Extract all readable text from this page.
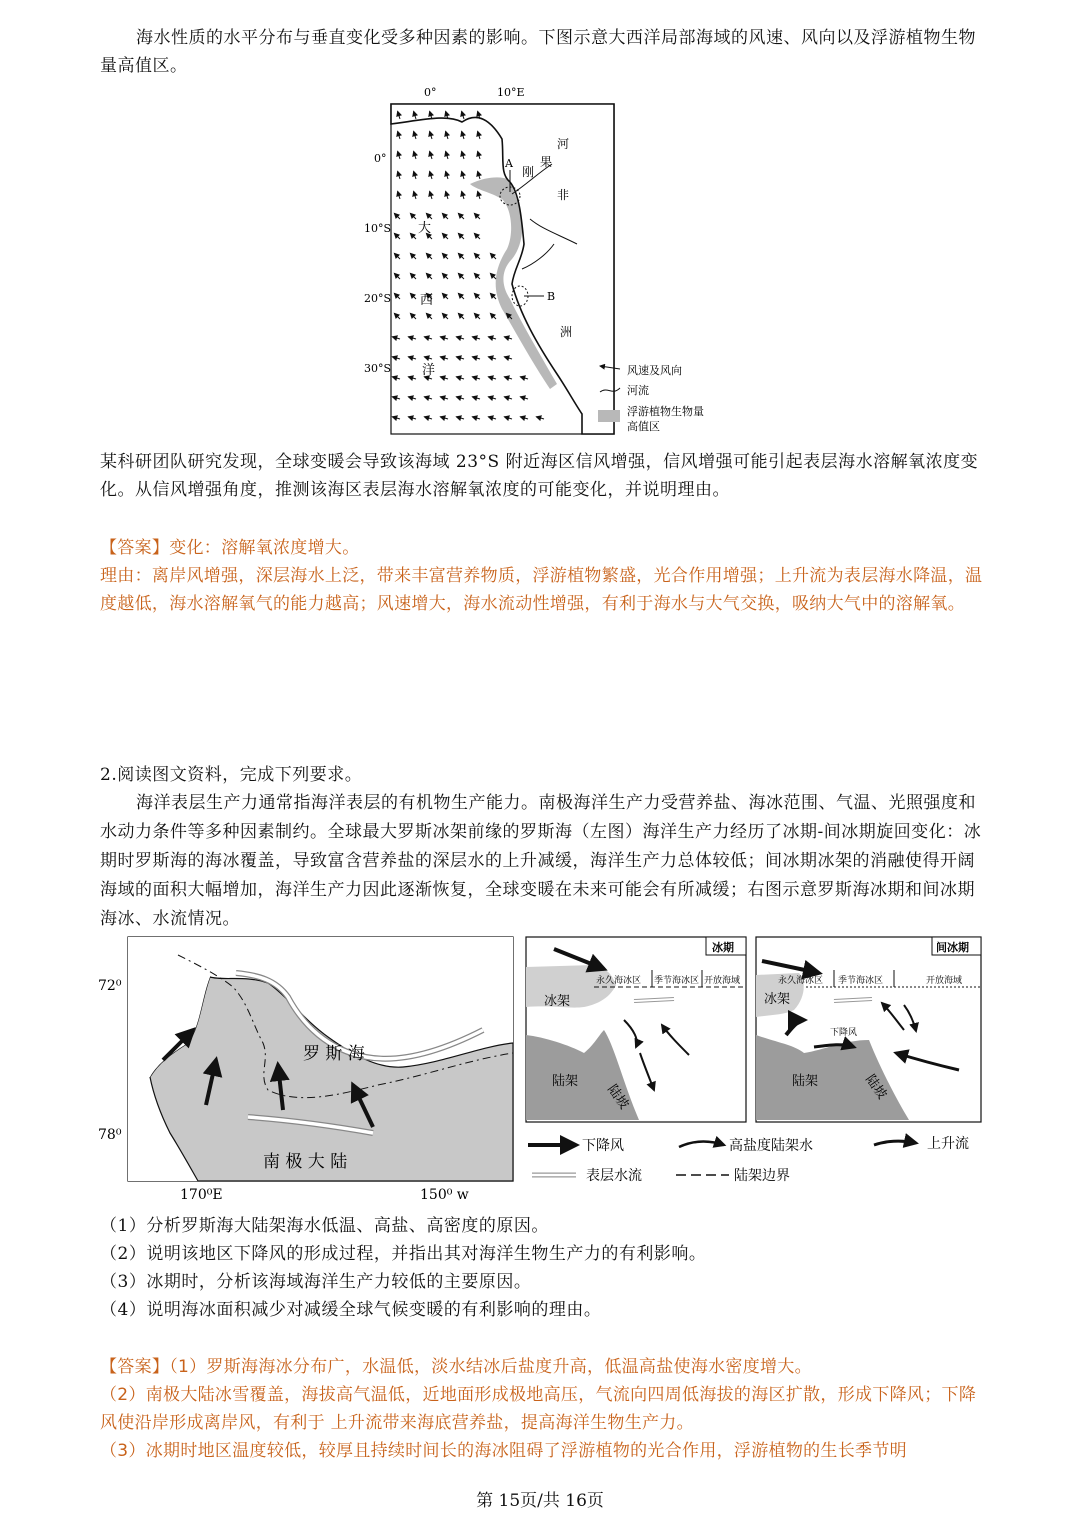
海水性质的水平分布与垂直变化受多种因素的影响。下图示意大西洋局部海域的风速、风向以及浮游植物生物量高值区。
0°	10°E
0°
10°S
20°S
30°S
大
西
洋
河
果
刚
非
洲
A
B
风速及风向
河流
浮游植物生物量
高值区
某科研团队研究发现，全球变暖会导致该海域 23°S 附近海区信风增强，信风增强可能引起表层海水溶解氧浓度变化。从信风增强角度，推测该海区表层海水溶解氧浓度的可能变化，并说明理由。
【答案】变化：溶解氧浓度增大。
理由：离岸风增强，深层海水上泛，带来丰富营养物质，浮游植物繁盛，光合作用增强；上升流为表层海水降温，温度越低，海水溶解氧气的能力越高；风速增大，海水流动性增强，有利于海水与大气交换，吸纳大气中的溶解氧。
2.阅读图文资料，完成下列要求。
海洋表层生产力通常指海洋表层的有机物生产能力。南极海洋生产力受营养盐、海冰范围、气温、光照强度和水动力条件等多种因素制约。全球最大罗斯冰架前缘的罗斯海（左图）海洋生产力经历了冰期-间冰期旋回变化：冰期时罗斯海的海冰覆盖，导致富含营养盐的深层水的上升减缓，海洋生产力总体较低；间冰期冰架的消融使得开阔海域的面积大幅增加，海洋生产力因此逐渐恢复，全球变暖在未来可能会有所减缓；右图示意罗斯海冰期和间冰期海冰、水流情况。
罗 斯 海
南 极 大 陆
72⁰
78⁰
170⁰E	150⁰ w
冰期
永久海冰区 季节海冰区 开放海域
冰架
陆架
陆坡
间冰期
永久海冰区 季节海冰区	开放海域
冰架
下降风
陆架	陆坡
下降风	高盐度陆架水	上升流
表层水流	陆架边界
（1）分析罗斯海大陆架海水低温、高盐、高密度的原因。
（2）说明该地区下降风的形成过程，并指出其对海洋生物生产力的有利影响。
（3）冰期时，分析该海域海洋生产力较低的主要原因。
（4）说明海冰面积减少对减缓全球气候变暖的有利影响的理由。
【答案】（1）罗斯海海冰分布广，水温低，淡水结冰后盐度升高，低温高盐使海水密度增大。
（2）南极大陆冰雪覆盖，海拔高气温低，近地面形成极地高压，气流向四周低海拔的海区扩散，形成下降风；下降风使沿岸形成离岸风，有利于 上升流带来海底营养盐，提高海洋生物生产力。
（3）冰期时地区温度较低，较厚且持续时间长的海冰阻碍了浮游植物的光合作用，浮游植物的生长季节明
第 15页/共 16页
